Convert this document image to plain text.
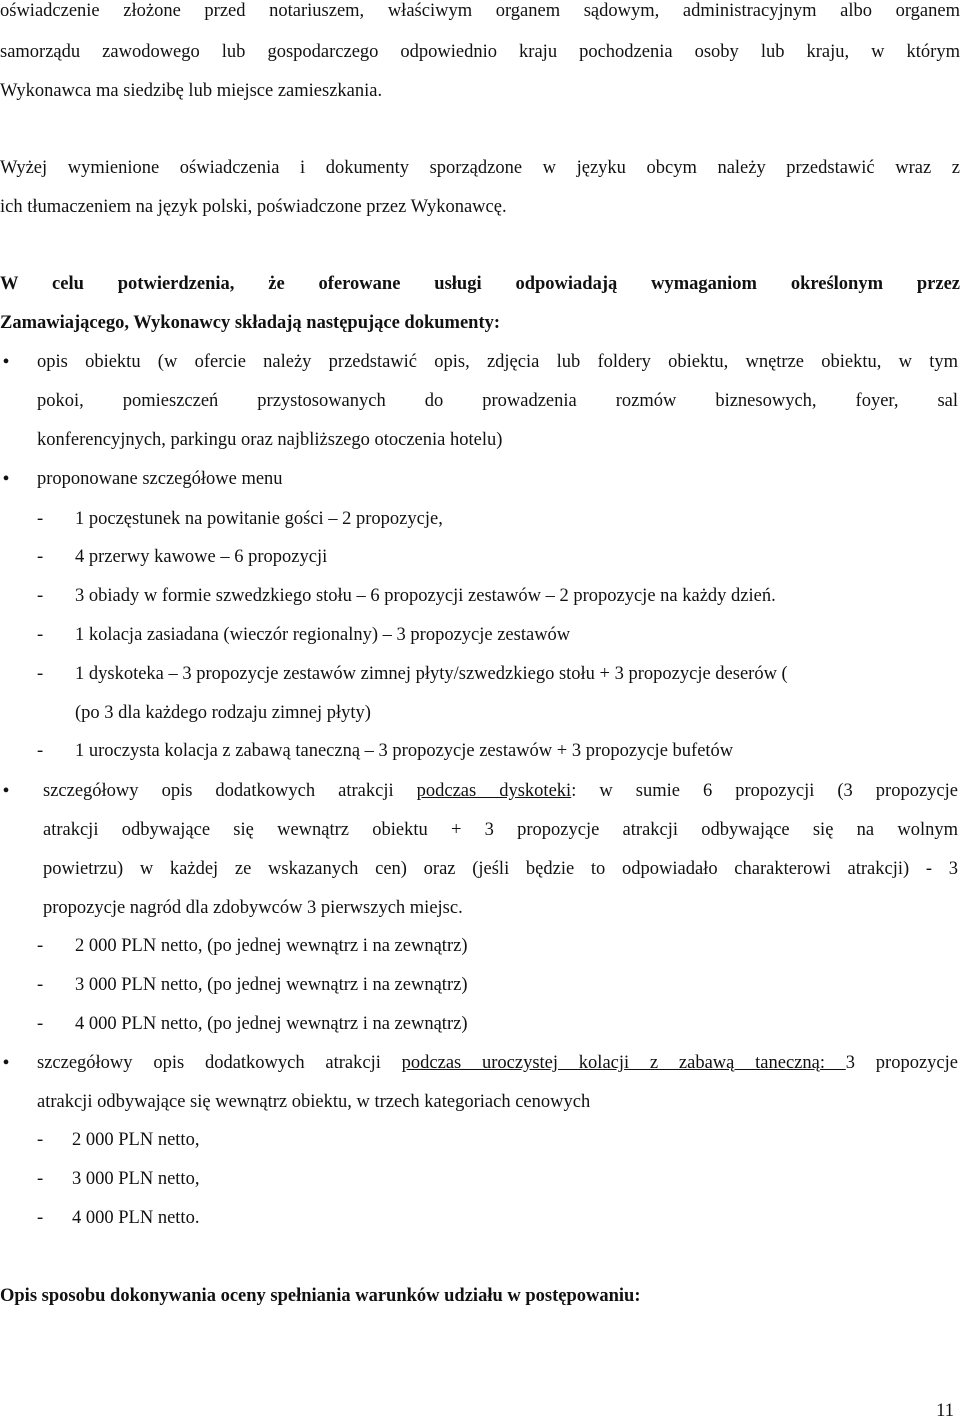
oświadczenie złożone przed notariuszem, właściwym organem sądowym, administracyjnym albo organem
samorządu zawodowego lub gospodarczego odpowiednio kraju pochodzenia osoby lub kraju, w którym
Wykonawca ma siedzibę lub miejsce zamieszkania.
Wyżej wymienione oświadczenia i dokumenty sporządzone w języku obcym należy przedstawić wraz z
ich tłumaczeniem na język polski, poświadczone przez Wykonawcę.
W celu potwierdzenia, że oferowane usługi odpowiadają wymaganiom określonym przez
Zamawiającego, Wykonawcy składają następujące dokumenty:
• opis obiektu (w ofercie należy przedstawić opis, zdjęcia lub foldery obiektu, wnętrze obiektu, w tym
pokoi, pomieszczeń przystosowanych do prowadzenia rozmów biznesowych, foyer, sal
konferencyjnych, parkingu oraz najbliższego otoczenia hotelu)
• proponowane szczegółowe menu
-	1 poczęstunek na powitanie gości – 2 propozycje,
-	4 przerwy kawowe – 6 propozycji
-	3 obiady w formie szwedzkiego stołu – 6 propozycji zestawów – 2 propozycje na każdy dzień.
-	1 kolacja zasiadana (wieczór regionalny) – 3 propozycje zestawów
-	1 dyskoteka – 3 propozycje zestawów zimnej płyty/szwedzkiego stołu + 3 propozycje deserów (
(po 3 dla każdego rodzaju zimnej płyty)
-	1 uroczysta kolacja z zabawą taneczną – 3 propozycje zestawów + 3 propozycje bufetów
• szczegółowy opis dodatkowych atrakcji podczas dyskoteki: w sumie 6 propozycji (3 propozycje
atrakcji odbywające się wewnątrz obiektu + 3 propozycje atrakcji odbywające się na wolnym
powietrzu) w każdej ze wskazanych cen) oraz (jeśli będzie to odpowiadało charakterowi atrakcji) - 3
propozycje nagród dla zdobywców 3 pierwszych miejsc.
-	2 000 PLN netto, (po jednej wewnątrz i na zewnątrz)
-	3 000 PLN netto, (po jednej wewnątrz i na zewnątrz)
-	4 000 PLN netto, (po jednej wewnątrz i na zewnątrz)
• szczegółowy opis dodatkowych atrakcji podczas uroczystej kolacji z zabawą taneczną: 3 propozycje
atrakcji odbywające się wewnątrz obiektu, w trzech kategoriach cenowych
-	2 000 PLN netto,
-	3 000 PLN netto,
-	4 000 PLN netto.
Opis sposobu dokonywania oceny spełniania warunków udziału w postępowaniu:
11
